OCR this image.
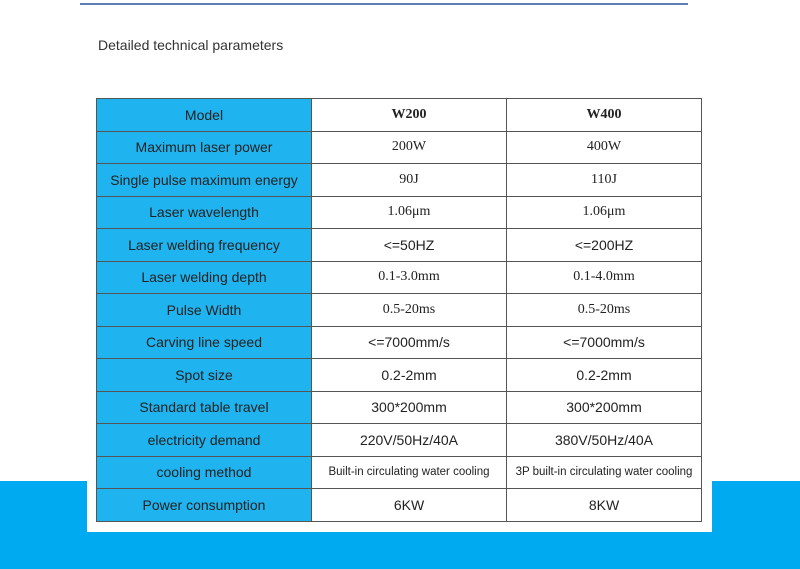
Detailed technical parameters
Model	W200	W400
Maximum laser power	200W	400W
Single pulse maximum energy	90J	110J
Laser wavelength	1.06μm	1.06μm
Laser welding frequency	<=50HZ	<=200HZ
Laser welding depth	0.1-3.0mm	0.1-4.0mm
Pulse Width	0.5-20ms	0.5-20ms
Carving line speed	<=7000mm/s	<=7000mm/s
Spot size	0.2-2mm	0.2-2mm
Standard table travel	300*200mm	300*200mm
electricity demand	220V/50Hz/40A	380V/50Hz/40A
cooling method	Built-in circulating water cooling	3P built-in circulating water cooling
Power consumption	6KW	8KW
